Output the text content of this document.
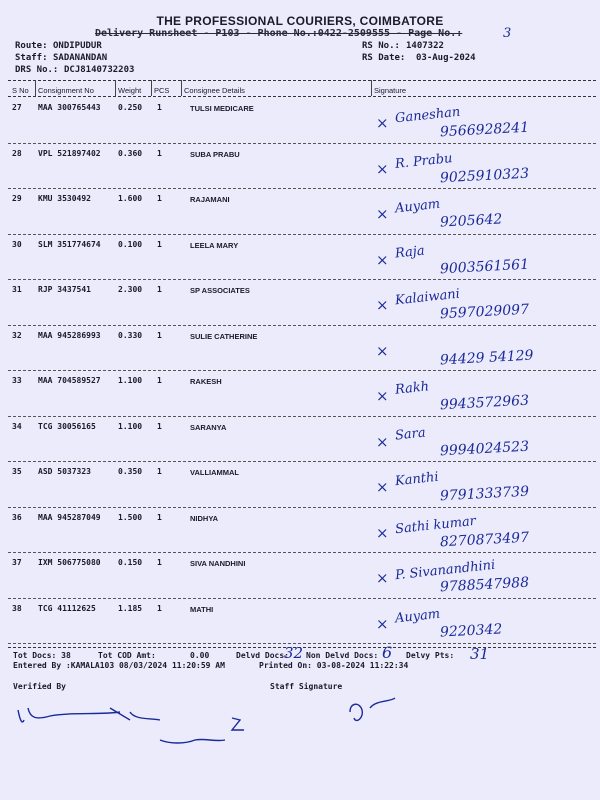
THE PROFESSIONAL COURIERS, COIMBATORE
Delivery Runsheet - P103 - Phone No.:0422-2509555 - Page No.:	3
Route: ONDIPUDUR
Staff: SADANANDAN
DRS No.: DCJ8140732203
RS No.: 1407322
RS Date: 03-Aug-2024
S No Consignment No	Weight PCS Consignee Details	Signature
27 MAA 300765443 0.250 1	TULSI MEDICARE	Ganeshan
9566928241
×
28 VPL 521897402 0.360 1	SUBA PRABU	R. Prabu
9025910323
×
29 KMU 3530492	1.600 1	RAJAMANI	Auyam
9205642
×
30 SLM 351774674 0.100 1	LEELA MARY	Raja
9003561561
×
31 RJP 3437541	2.300 1	SP ASSOCIATES	Kalaiwani
9597029097
×
32 MAA 945286993 0.330 1	SULIE CATHERINE
94429 54129
×
33 MAA 704589527 1.100 1	RAKESH	Rakh
9943572963
×
34 TCG 30056165	1.100 1	SARANYA	Sara
9994024523
×
35 ASD 5037323	0.350 1	VALLIAMMAL	Kanthi
9791333739
×
36 MAA 945287049 1.500 1	NIDHYA	Sathi kumar
8270873497
×
37 IXM 506775080 0.150 1	SIVA NANDHINI	P. Sivanandhini
9788547988
×
38 TCG 41112625	1.185 1	MATHI	Auyam
9220342
×
Tot Docs: 38	Tot COD Amt:	0.00	Delvd Docs:
32 Non Delvd Docs: 6 Delvy Pts: 31
Entered By :KAMALA103 08/03/2024 11:20:59 AM	Printed On: 03-08-2024 11:22:34
Verified By	Staff Signature
